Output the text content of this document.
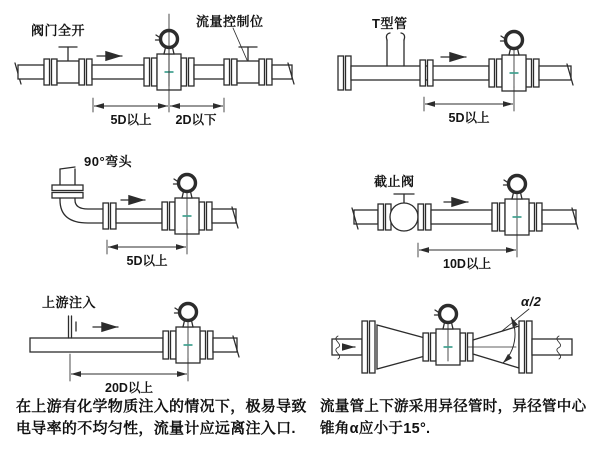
阀门全开
流量控制位
5D以上	2D以下
T型管
5D以上
90°弯头
5D以上
截止阀
10D以上
上游注入
20D以上
α/2
在上游有化学物质注入的情况下，极易导致
电导率的不均匀性，流量计应远离注入口.
流量管上下游采用异径管时，异径管中心
锥角α应小于15°.
